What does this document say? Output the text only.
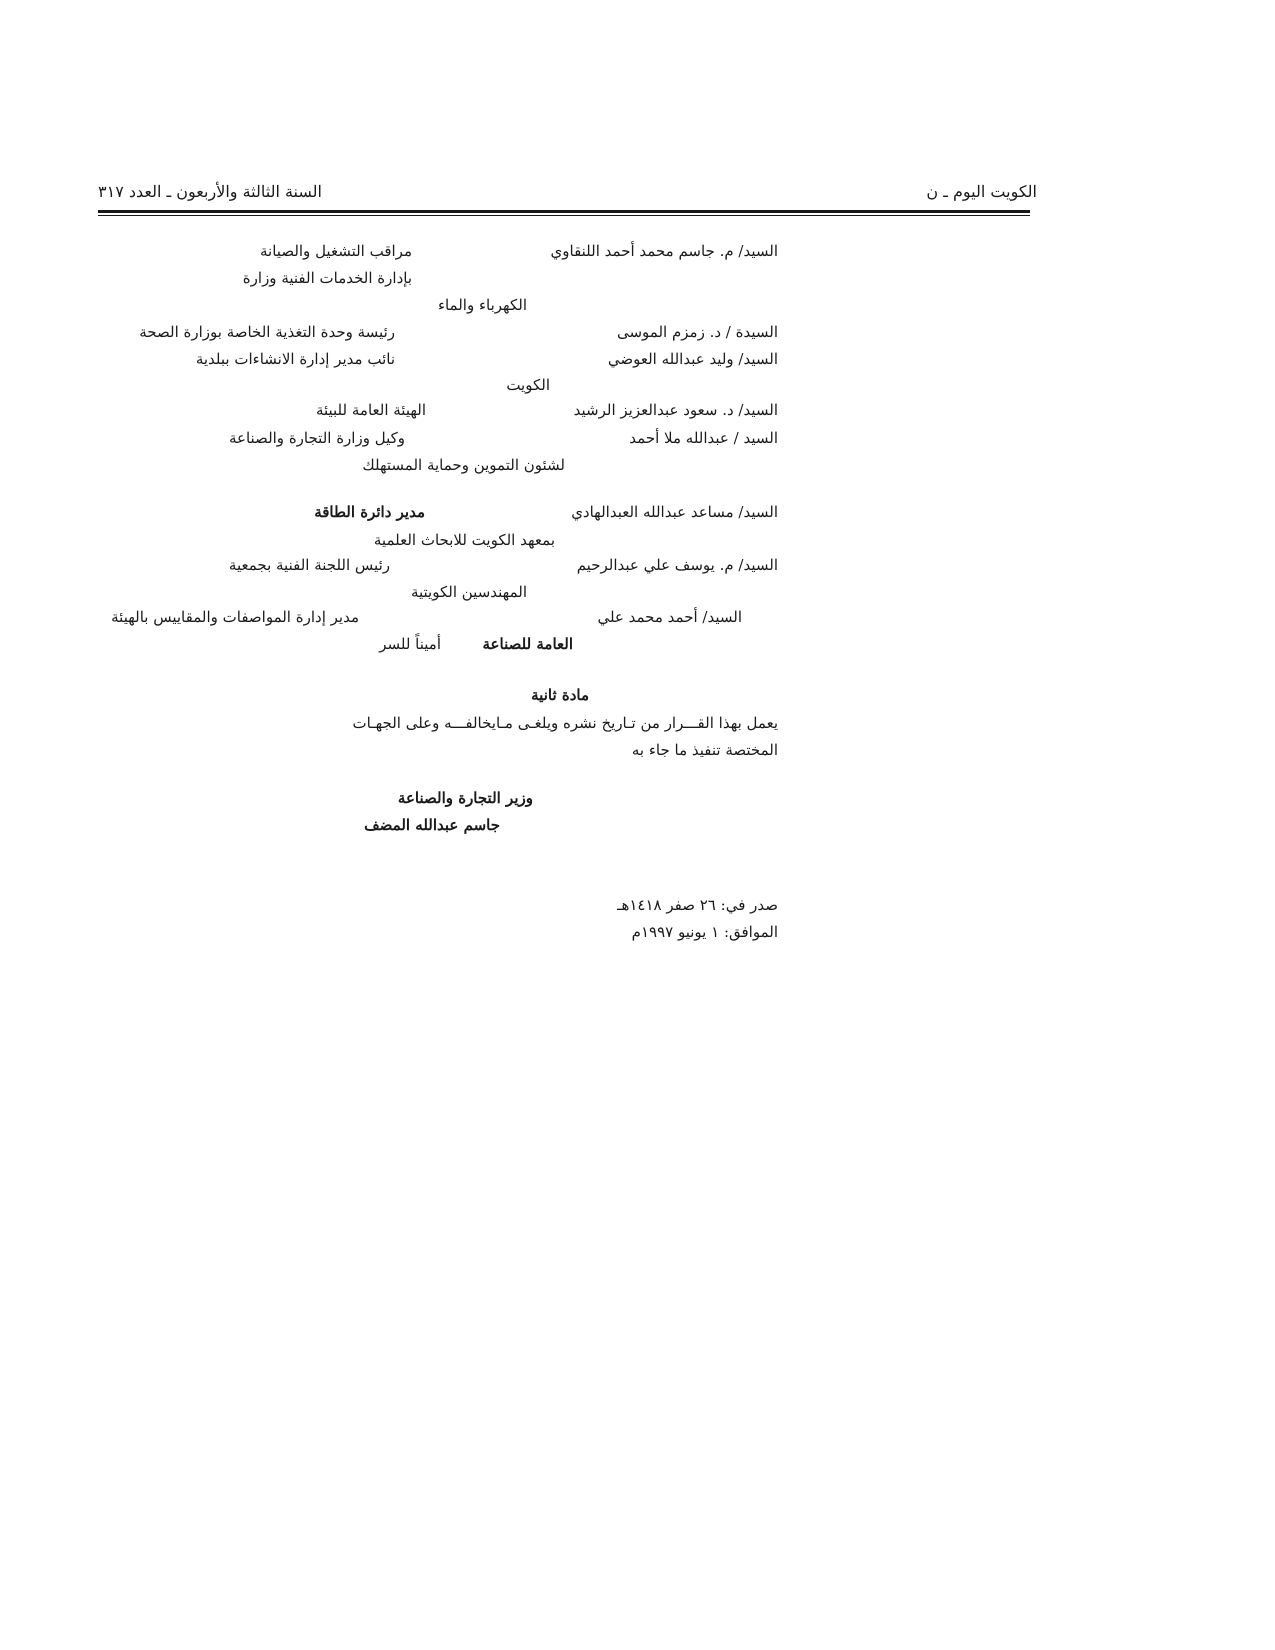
الكويت اليوم ـ ن
السنة الثالثة والأربعون ـ العدد ٣١٧
السيد/ م. جاسم محمد أحمد اللنقاوي
مراقب التشغيل والصيانة
بإدارة الخدمات الفنية وزارة
الكهرباء والماء
السيدة / د. زمزم الموسى
رئيسة وحدة التغذية الخاصة بوزارة الصحة
السيد/ وليد عبدالله العوضي
نائب مدير إدارة الانشاءات ببلدية
الكويت
السيد/ د. سعود عبدالعزيز الرشيد
الهيئة العامة للبيئة
السيد / عبدالله ملا أحمد
وكيل وزارة التجارة والصناعة
لشئون التموين وحماية المستهلك
السيد/ مساعد عبدالله العبدالهادي
مدير دائرة الطاقة
بمعهد الكويت للابحاث العلمية
السيد/ م. يوسف علي عبدالرحيم
رئيس اللجنة الفنية بجمعية
المهندسين الكويتية
السيد/ أحمد محمد علي
مدير إدارة المواصفات والمقاييس بالهيئة
العامة للصناعة
أميناً للسر
مادة ثانية
يعمل بهذا القـــرار من تـاريخ نشره ويلغـى مـايخالفـــه وعلى الجهـات
المختصة تنفيذ ما جاء به
وزير التجارة والصناعة
جاسم عبدالله المضف
صدر في: ٢٦ صفر ١٤١٨هـ
الموافق: ١ يونيو ١٩٩٧م
